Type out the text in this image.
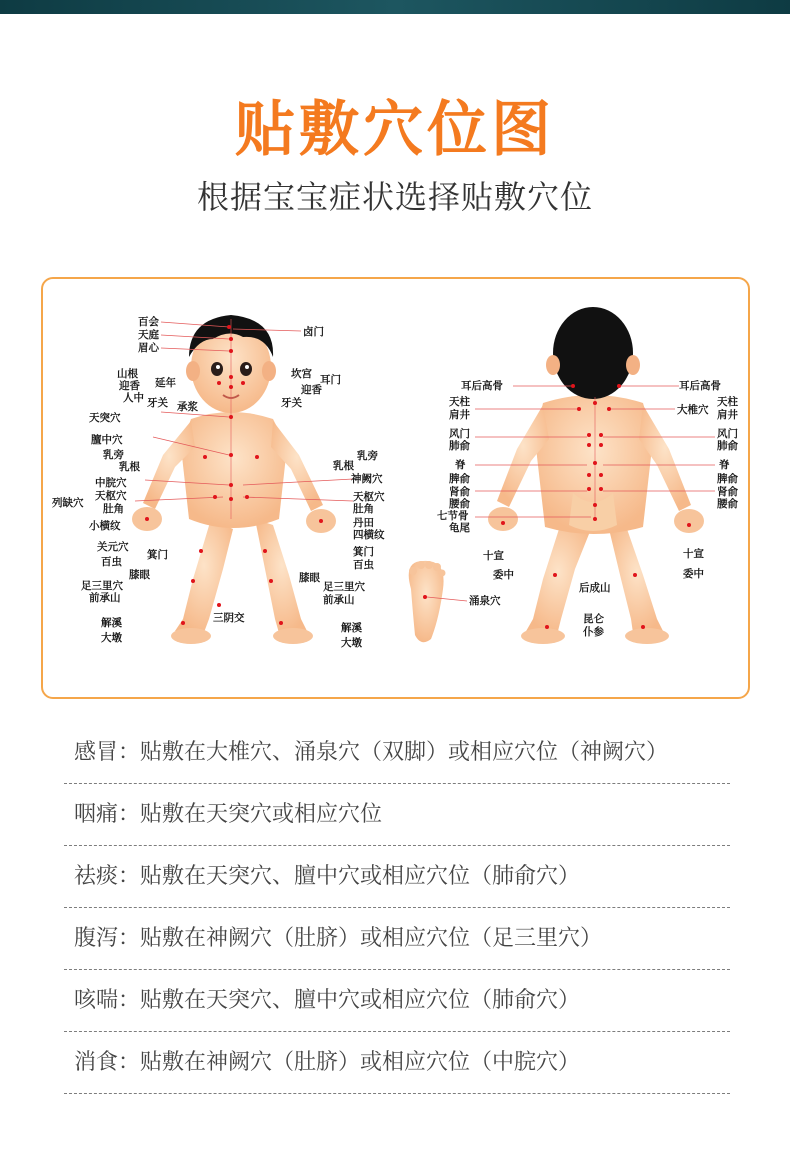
贴敷穴位图
根据宝宝症状选择贴敷穴位
百会
天庭
眉心
卤门
山根
延年
迎香
人中 牙关 承浆
坎宫 耳门
迎香
牙关
天突穴
膻中穴
乳旁
乳根
中脘穴
列缺穴
天枢穴
肚角
小横纹
关元穴
百虫
箕门
膝眼
足三里穴
前承山
解溪
大墩
三阴交
乳旁
乳根
神阙穴
天枢穴
肚角
丹田
四横纹
箕门
百虫
膝眼
足三里穴
前承山
解溪
大墩
涌泉穴
耳后高骨
天柱
肩井
风门
肺俞
脊
脾俞
肾俞
腰俞
七节骨
龟尾
十宣
委中
耳后高骨
大椎穴
天柱
肩井
风门
肺俞
脊
脾俞
肾俞
腰俞
十宣
委中
后成山
昆仑
仆参
感冒：贴敷在大椎穴、涌泉穴（双脚）或相应穴位（神阙穴）
咽痛：贴敷在天突穴或相应穴位
祛痰：贴敷在天突穴、膻中穴或相应穴位（肺俞穴）
腹泻：贴敷在神阙穴（肚脐）或相应穴位（足三里穴）
咳喘：贴敷在天突穴、膻中穴或相应穴位（肺俞穴）
消食：贴敷在神阙穴（肚脐）或相应穴位（中脘穴）
